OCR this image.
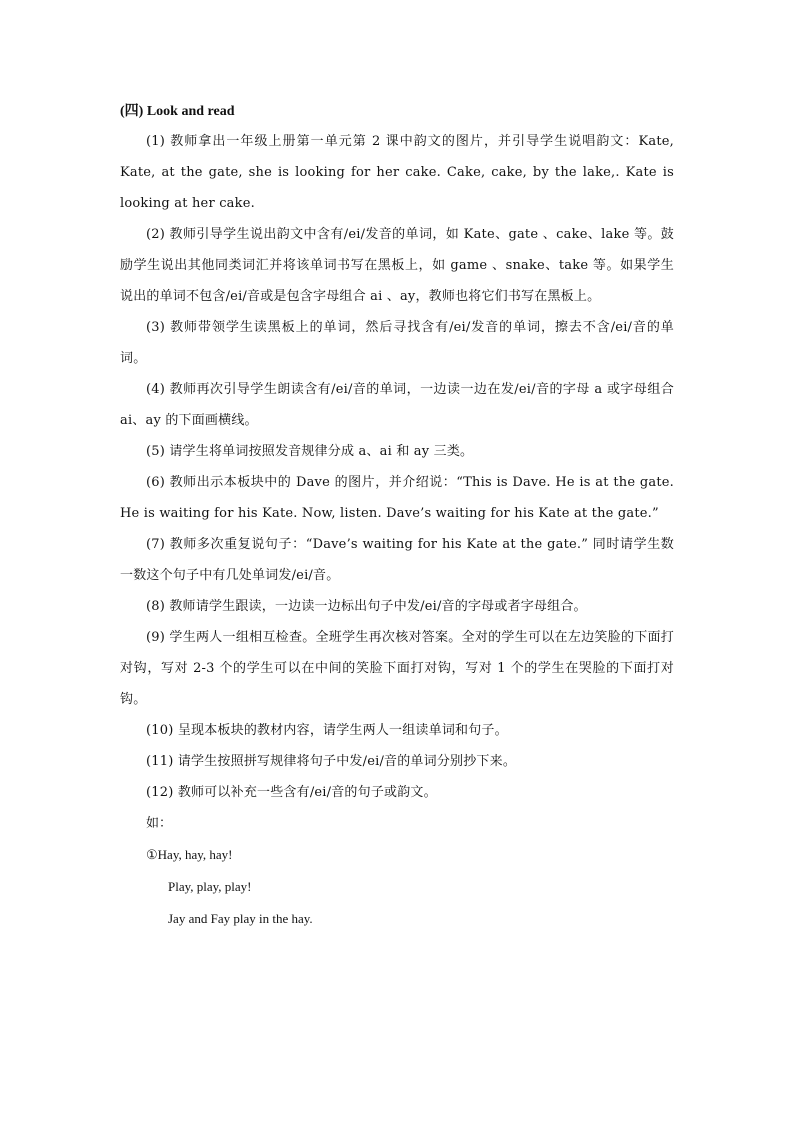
(四) Look and read

(1) 教师拿出一年级上册第一单元第 2 课中韵文的图片，并引导学生说唱韵文：Kate, Kate, at the gate, she is looking for her cake. Cake, cake, by the lake,. Kate is looking at her cake.

(2) 教师引导学生说出韵文中含有/ei/发音的单词，如 Kate、gate 、cake、lake 等。鼓励学生说出其他同类词汇并将该单词书写在黑板上，如 game 、snake、take 等。如果学生说出的单词不包含/ei/音或是包含字母组合 ai 、ay，教师也将它们书写在黑板上。

(3) 教师带领学生读黑板上的单词，然后寻找含有/ei/发音的单词，擦去不含/ei/音的单词。

(4) 教师再次引导学生朗读含有/ei/音的单词，一边读一边在发/ei/音的字母 a 或字母组合 ai、ay 的下面画横线。

(5) 请学生将单词按照发音规律分成 a、ai 和 ay 三类。

(6) 教师出示本板块中的 Dave 的图片，并介绍说：“This is Dave. He is at the gate. He is waiting for his Kate. Now, listen. Dave’s waiting for his Kate at the gate.”

(7) 教师多次重复说句子：“Dave’s waiting for his Kate at the gate.” 同时请学生数一数这个句子中有几处单词发/ei/音。

(8) 教师请学生跟读，一边读一边标出句子中发/ei/音的字母或者字母组合。

(9) 学生两人一组相互检查。全班学生再次核对答案。全对的学生可以在左边笑脸的下面打对钩，写对 2-3 个的学生可以在中间的笑脸下面打对钩，写对 1 个的学生在哭脸的下面打对钩。

(10) 呈现本板块的教材内容，请学生两人一组读单词和句子。

(11) 请学生按照拼写规律将句子中发/ei/音的单词分别抄下来。

(12) 教师可以补充一些含有/ei/音的句子或韵文。

如：

①Hay, hay, hay!
Play, play, play!
Jay and Fay play in the hay.
